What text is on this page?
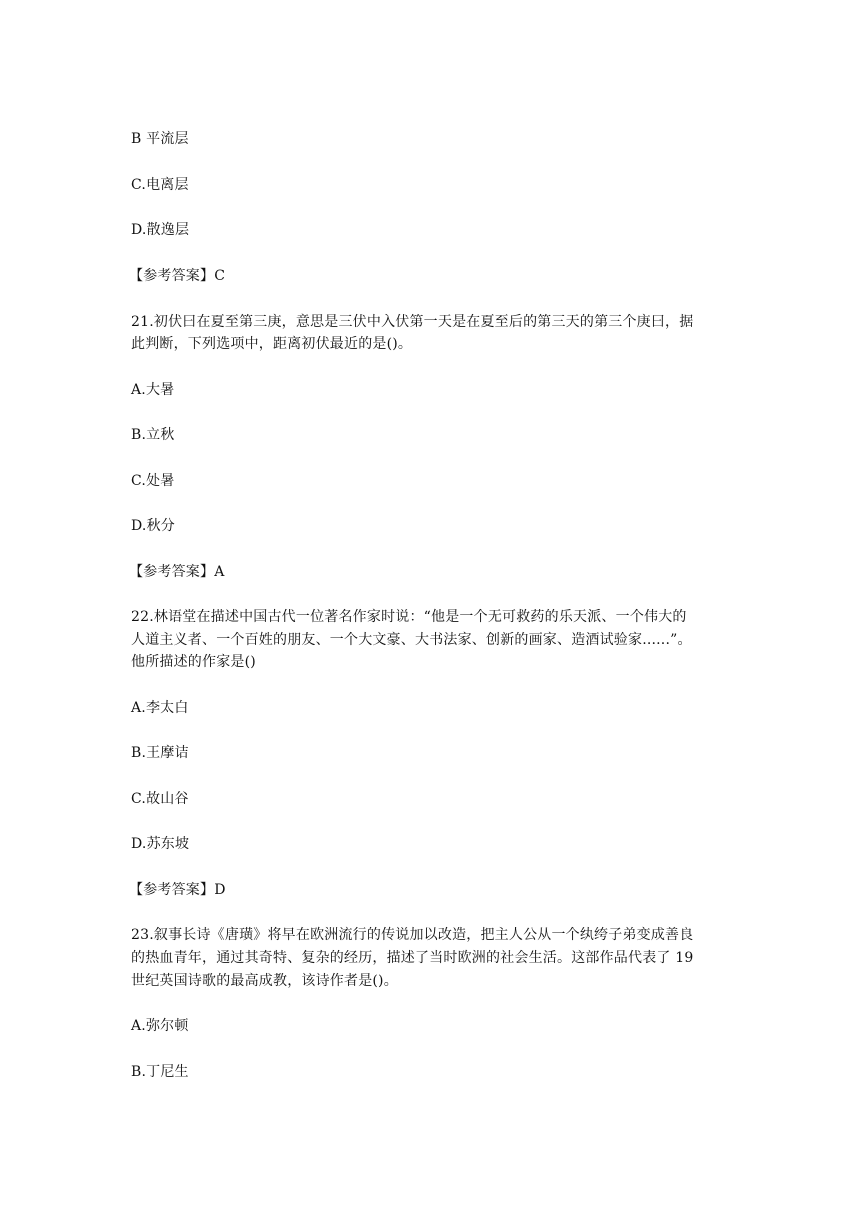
B 平流层
C.电离层
D.散逸层
【参考答案】C
21.初伏曰在夏至第三庚，意思是三伏中入伏第一天是在夏至后的第三天的第三个庚曰，据
此判断，下列选项中，距离初伏最近的是()。
A.大暑
B.立秋
C.处暑
D.秋分
【参考答案】A
22.林语堂在描述中国古代一位著名作家时说：“他是一个无可救药的乐天派、一个伟大的
人道主义者、一个百姓的朋友、一个大文豪、大书法家、创新的画家、造酒试验家......”。
他所描述的作家是()
A.李太白
B.王摩诘
C.故山谷
D.苏东坡
【参考答案】D
23.叙事长诗《唐璜》将早在欧洲流行的传说加以改造，把主人公从一个纨绔子弟变成善良
的热血青年，通过其奇特、复杂的经历，描述了当时欧洲的社会生活。这部作品代表了 19
世纪英国诗歌的最高成教，该诗作者是()。
A.弥尔顿
B.丁尼生
